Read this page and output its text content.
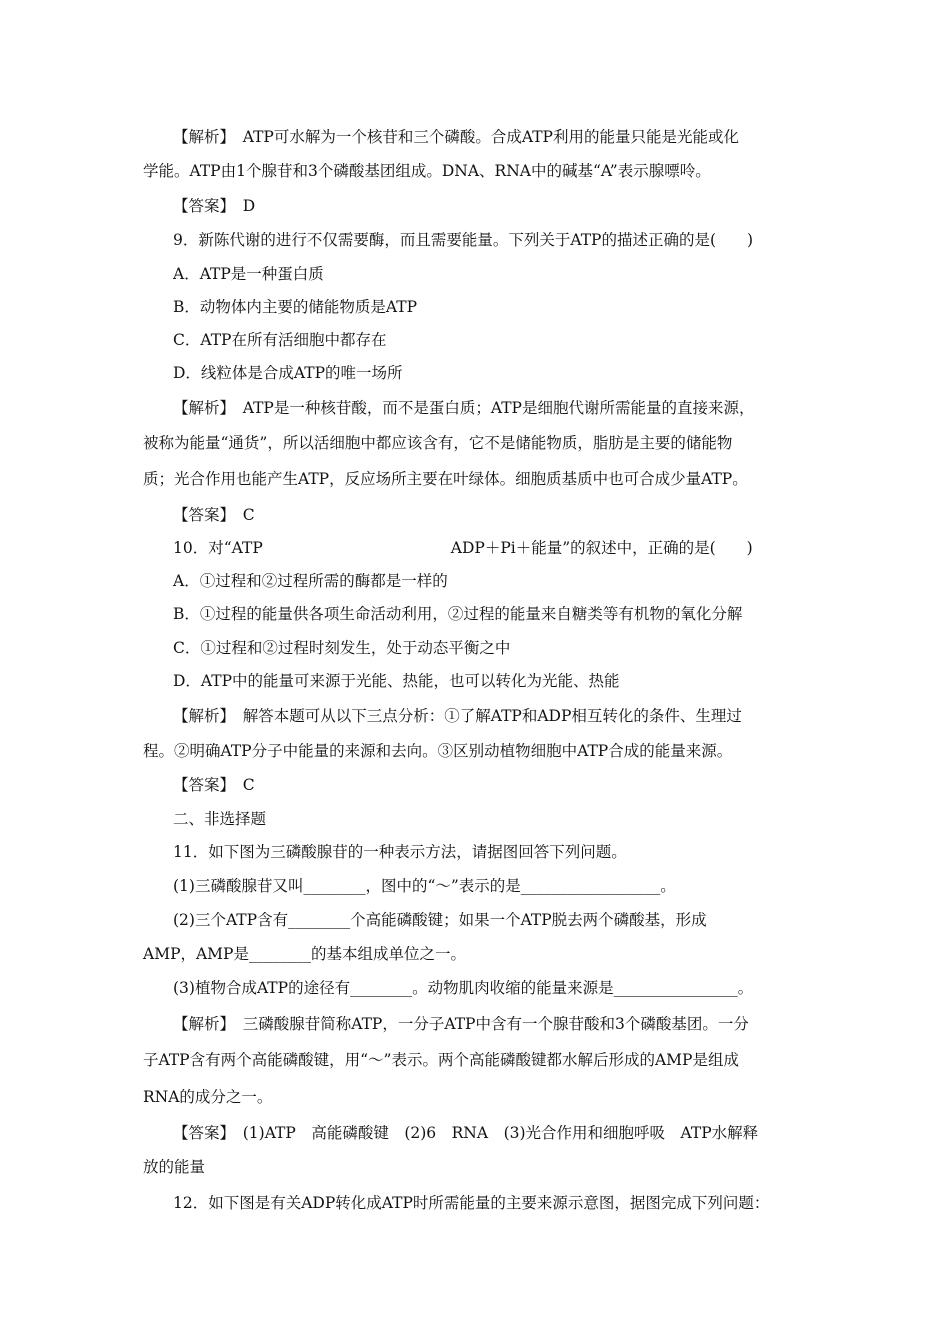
【解析】　ATP可水解为一个核苷和三个磷酸。合成ATP利用的能量只能是光能或化
学能。ATP由1个腺苷和3个磷酸基团组成。DNA、RNA中的碱基“A”表示腺嘌呤。
【答案】　D
9．新陈代谢的进行不仅需要酶，而且需要能量。下列关于ATP的描述正确的是(　　)
A．ATP是一种蛋白质
B．动物体内主要的储能物质是ATP
C．ATP在所有活细胞中都存在
D．线粒体是合成ATP的唯一场所
【解析】　ATP是一种核苷酸，而不是蛋白质；ATP是细胞代谢所需能量的直接来源，
被称为能量“通货”，所以活细胞中都应该含有，它不是储能物质，脂肪是主要的储能物
质；光合作用也能产生ATP，反应场所主要在叶绿体。细胞质基质中也可合成少量ATP。
【答案】　C
10．对“ATP	ADP＋Pi＋能量”的叙述中，正确的是(　　)
A．①过程和②过程所需的酶都是一样的
B．①过程的能量供各项生命活动利用，②过程的能量来自糖类等有机物的氧化分解
C．①过程和②过程时刻发生，处于动态平衡之中
D．ATP中的能量可来源于光能、热能，也可以转化为光能、热能
【解析】　解答本题可从以下三点分析：①了解ATP和ADP相互转化的条件、生理过
程。②明确ATP分子中能量的来源和去向。③区别动植物细胞中ATP合成的能量来源。
【答案】　C
二、非选择题
11．如下图为三磷酸腺苷的一种表示方法，请据图回答下列问题。
(1)三磷酸腺苷又叫________，图中的“～”表示的是__________________。
(2)三个ATP含有________个高能磷酸键；如果一个ATP脱去两个磷酸基，形成
AMP，AMP是________的基本组成单位之一。
(3)植物合成ATP的途径有________。动物肌肉收缩的能量来源是________________。
【解析】　三磷酸腺苷简称ATP，一分子ATP中含有一个腺苷酸和3个磷酸基团。一分
子ATP含有两个高能磷酸键，用“～”表示。两个高能磷酸键都水解后形成的AMP是组成
RNA的成分之一。
【答案】　(1)ATP　高能磷酸键　(2)6　RNA　(3)光合作用和细胞呼吸　ATP水解释
放的能量
12．如下图是有关ADP转化成ATP时所需能量的主要来源示意图，据图完成下列问题：
